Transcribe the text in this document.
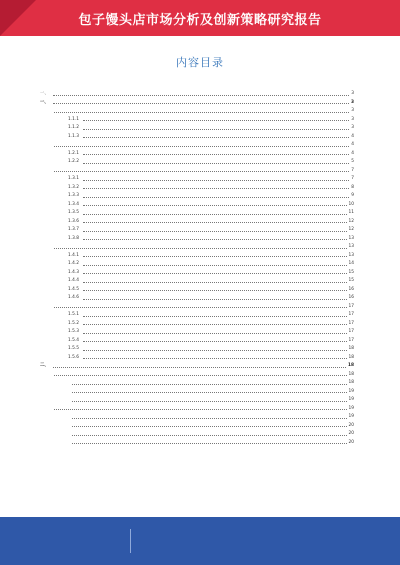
包子馒头店市场分析及创新策略研究报告
内容目录
一、	3
一、	3
3
1.1.1	3
1.1.2	3
1.1.3	4
4
1.2.1	4
1.2.2	5
7
1.3.1	7
1.3.2	8
1.3.3	9
1.3.4	10
1.3.5	11
1.3.6	12
1.3.7	12
1.3.8	13
13
1.4.1	13
1.4.2	14
1.4.3	15
1.4.4	15
1.4.5	16
1.4.6	16
17
1.5.1	17
1.5.2	17
1.5.3	17
1.5.4	17
1.5.5	18
1.5.6	18
二、	18
18
18
19
19
19
19
20
20
20
